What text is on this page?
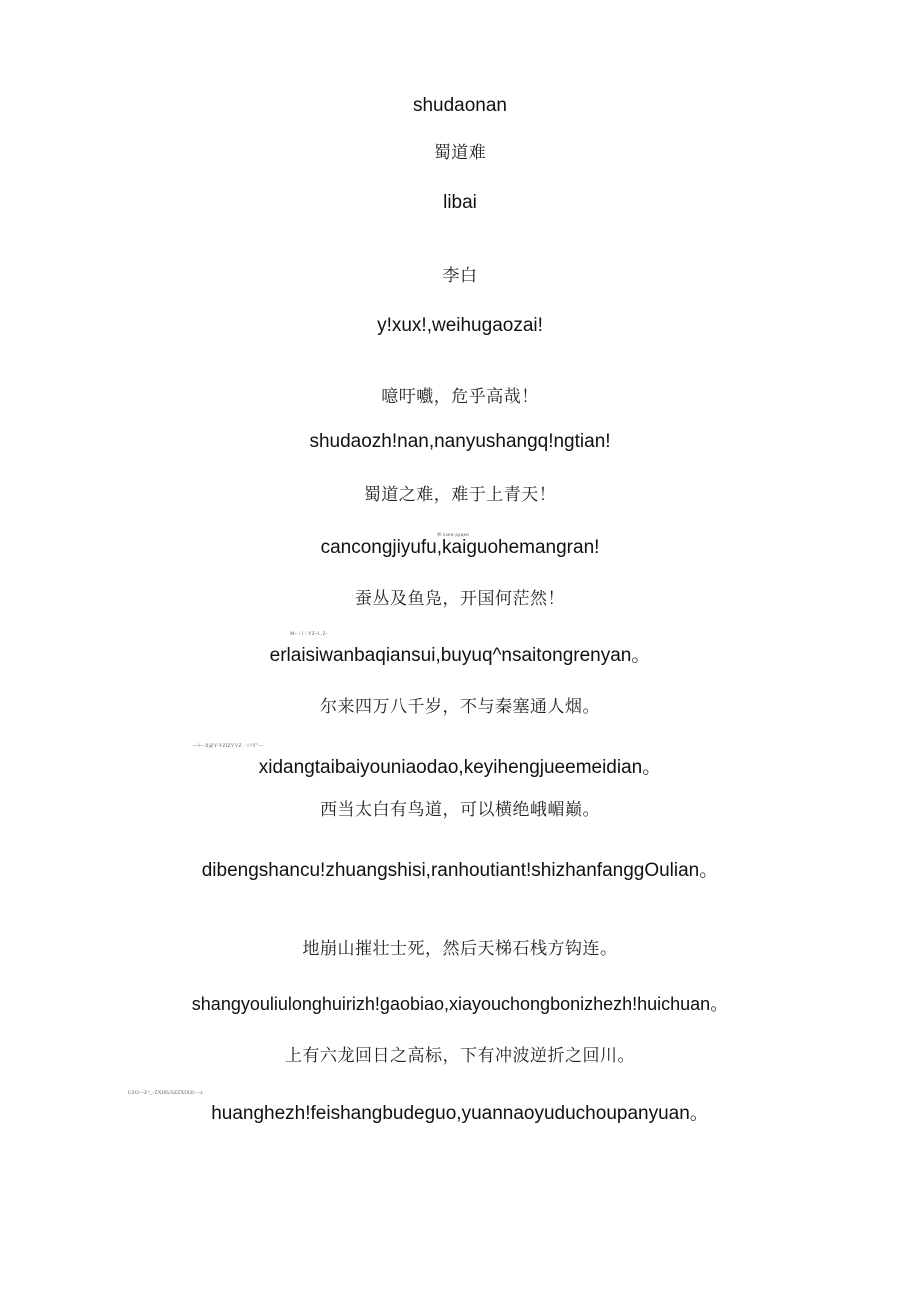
shudaonan
蜀道难
libai
李白
y!xux!,weihugaozai!
噫吁嚱，危乎高哉！
shudaozh!nan,nanyushangq!ngtian!
蜀道之难，难于上青天！
ज़·ххен-ддцен
cancongjiyufu,kaiguohemangran!
蚕丛及鱼凫，开国何茫然！
M~ \ l \ VZ~l ,Z-
erlaisiwanbaqiansui,buyuq^nsaitongrenyan。
尔来四万八千岁，不与秦塞通人烟。
—l—X@Y-YZIZVVZ · \\^Y''—
xidangtaibaiyouniaodao,keyihengjueemeidian。
西当太白有鸟道，可以横绝峨嵋巅。
dibengshancu!zhuangshisi,ranhoutiant!shizhanfanggOulian。
地崩山摧壮士死，然后天梯石栈方钩连。
shangyouliulonghuirizh!gaobiao,xiayouchongbonizhezh!huichuan。
上有六龙回日之高标，下有冲波逆折之回川。
UZO—Z^_-ZXIXUSZZXIXZr—x
huanghezh!feishangbudeguo,yuannaoyuduchoupanyuan。
